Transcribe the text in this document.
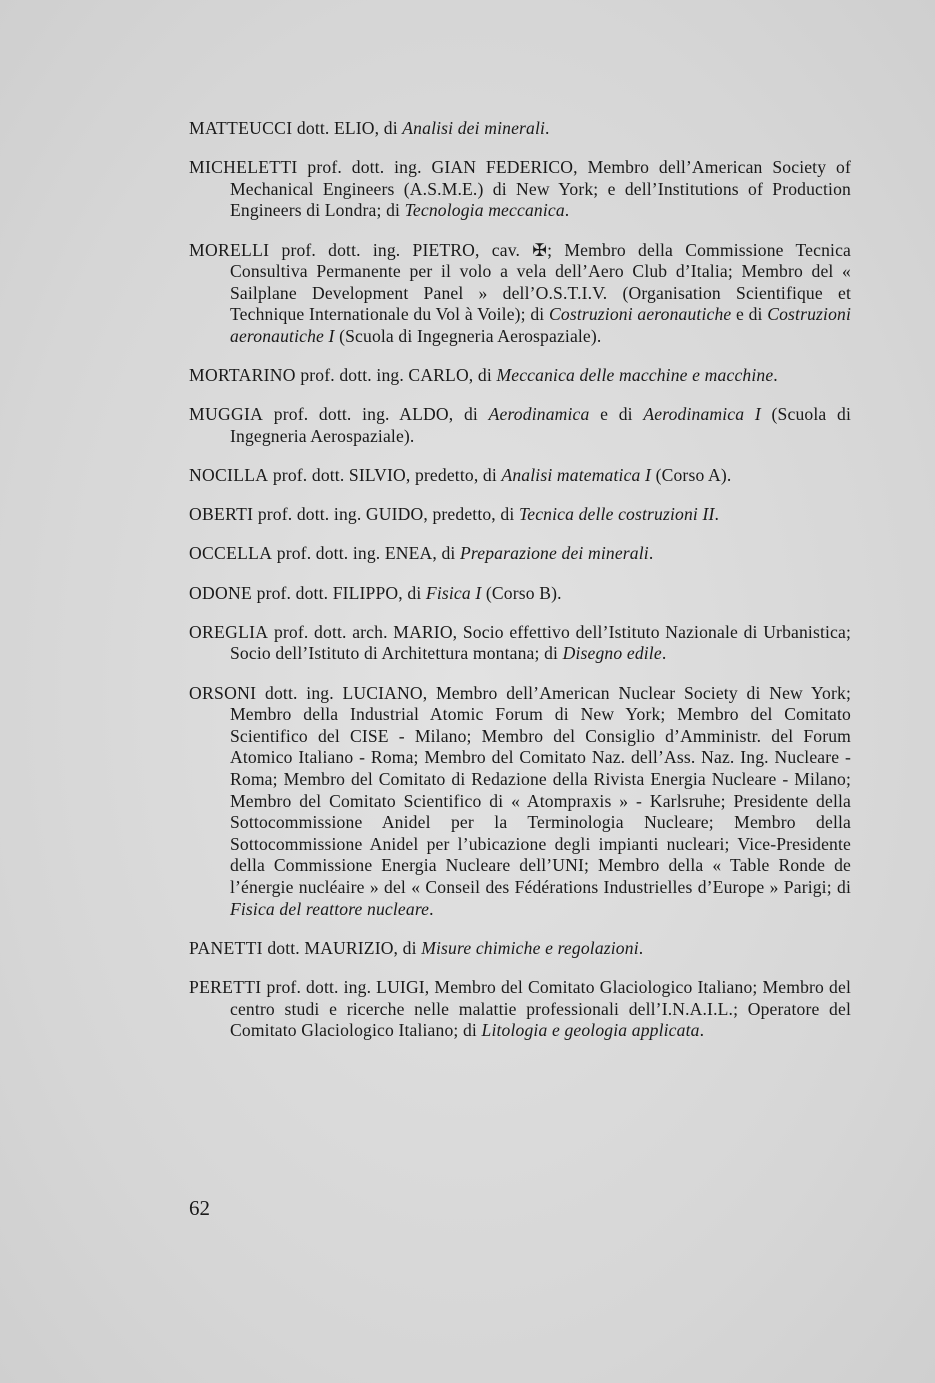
MATTEUCCI dott. ELIO, di Analisi dei minerali.

MICHELETTI prof. dott. ing. GIAN FEDERICO, Membro dell’American Society of Mechanical Engineers (A.S.M.E.) di New York; e dell’Institutions of Production Engineers di Londra; di Tecnologia meccanica.

MORELLI prof. dott. ing. PIETRO, cav. ✠; Membro della Commissione Tecnica Consultiva Permanente per il volo a vela dell’Aero Club d’Italia; Membro del « Sailplane Development Panel » dell’O.S.T.I.V. (Organisation Scientifique et Technique Internationale du Vol à Voile); di Costruzioni aeronautiche e di Costruzioni aeronautiche I (Scuola di Ingegneria Aerospaziale).

MORTARINO prof. dott. ing. CARLO, di Meccanica delle macchine e macchine.

MUGGIA prof. dott. ing. ALDO, di Aerodinamica e di Aerodinamica I (Scuola di Ingegneria Aerospaziale).

NOCILLA prof. dott. SILVIO, predetto, di Analisi matematica I (Corso A).

OBERTI prof. dott. ing. GUIDO, predetto, di Tecnica delle costruzioni II.

OCCELLA prof. dott. ing. ENEA, di Preparazione dei minerali.

ODONE prof. dott. FILIPPO, di Fisica I (Corso B).

OREGLIA prof. dott. arch. MARIO, Socio effettivo dell’Istituto Nazionale di Urbanistica; Socio dell’Istituto di Architettura montana; di Disegno edile.

ORSONI dott. ing. LUCIANO, Membro dell’American Nuclear Society di New York; Membro della Industrial Atomic Forum di New York; Membro del Comitato Scientifico del CISE - Milano; Membro del Consiglio d’Amministr. del Forum Atomico Italiano - Roma; Membro del Comitato Naz. dell’Ass. Naz. Ing. Nucleare - Roma; Membro del Comitato di Redazione della Rivista Energia Nucleare - Milano; Membro del Comitato Scientifico di « Atompraxis » - Karlsruhe; Presidente della Sottocommissione Anidel per la Terminologia Nucleare; Membro della Sottocommissione Anidel per l’ubicazione degli impianti nucleari; Vice-Presidente della Commissione Energia Nucleare dell’UNI; Membro della « Table Ronde de l’énergie nucléaire » del « Conseil des Fédérations Industrielles d’Europe » Parigi; di Fisica del reattore nucleare.

PANETTI dott. MAURIZIO, di Misure chimiche e regolazioni.

PERETTI prof. dott. ing. LUIGI, Membro del Comitato Glaciologico Italiano; Membro del centro studi e ricerche nelle malattie professionali dell’I.N.A.I.L.; Operatore del Comitato Glaciologico Italiano; di Litologia e geologia applicata.

62
